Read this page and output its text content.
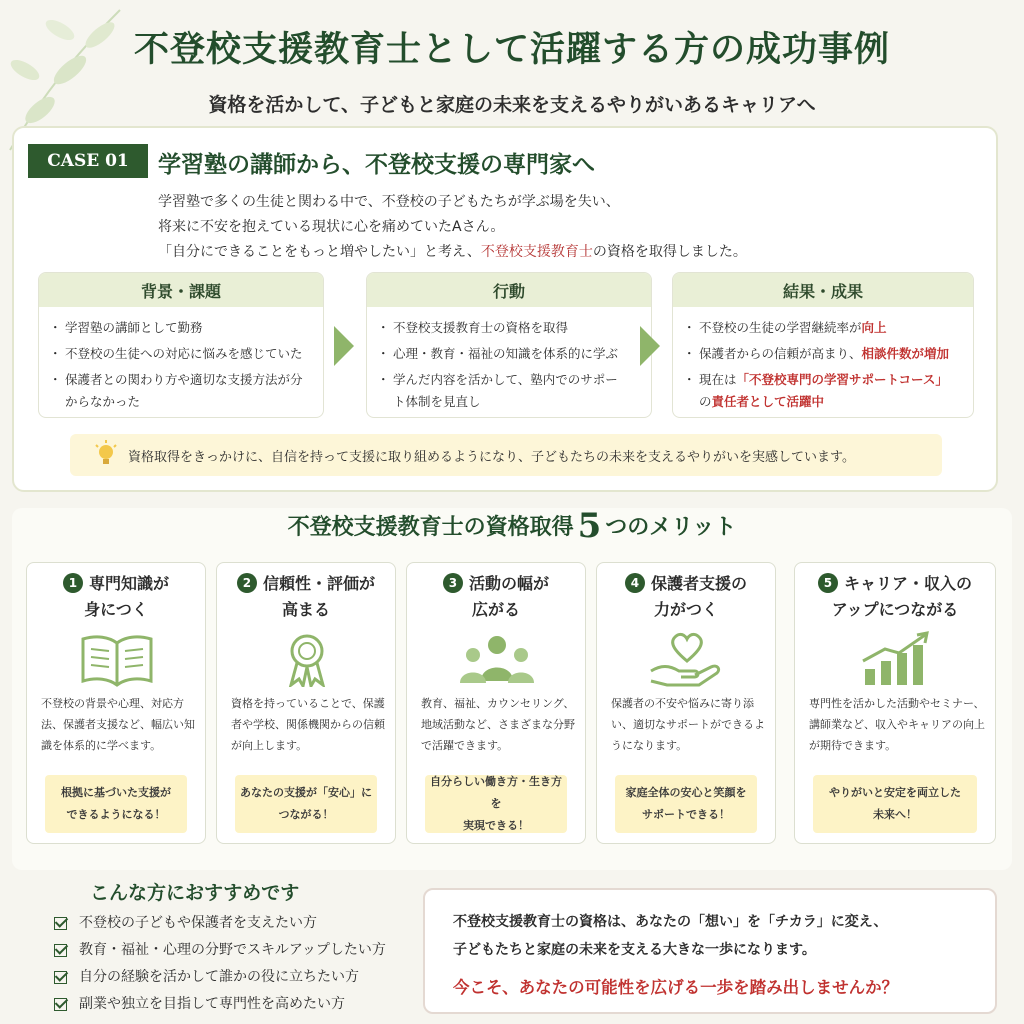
不登校支援教育士として活躍する方の成功事例
資格を活かして、子どもと家庭の未来を支えるやりがいあるキャリアへ
CASE 01	学習塾の講師から、不登校支援の専門家へ
学習塾で多くの生徒と関わる中で、不登校の子どもたちが学ぶ場を失い、
将来に不安を抱えている現状に心を痛めていたAさん。
「自分にできることをもっと増やしたい」と考え、不登校支援教育士の資格を取得しました。
背景・課題
・ 学習塾の講師として勤務
・ 不登校の生徒への対応に悩みを感じていた
・ 保護者との関わり方や適切な支援方法が分からなかった
行動
・ 不登校支援教育士の資格を取得
・ 心理・教育・福祉の知識を体系的に学ぶ
・ 学んだ内容を活かして、塾内でのサポート体制を見直し
結果・成果
・ 不登校の生徒の学習継続率が向上
・ 保護者からの信頼が高まり、相談件数が増加
・ 現在は「不登校専門の学習サポートコース」の責任者として活躍中
資格取得をきっかけに、自信を持って支援に取り組めるようになり、子どもたちの未来を支えるやりがいを実感しています。
不登校支援教育士の資格取得 5 つのメリット
1 専門知識が
身につく
不登校の背景や心理、対応方法、保護者支援など、幅広い知識を体系的に学べます。
根拠に基づいた支援が
できるようになる！
2 信頼性・評価が
高まる
資格を持っていることで、保護者や学校、関係機関からの信頼が向上します。
あなたの支援が「安心」に
つながる！
3 活動の幅が
広がる
教育、福祉、カウンセリング、地域活動など、さまざまな分野で活躍できます。
自分らしい働き方・生き方を
実現できる！
4 保護者支援の
力がつく
保護者の不安や悩みに寄り添い、適切なサポートができるようになります。
家庭全体の安心と笑顔を
サポートできる！
5 キャリア・収入の
アップにつながる
専門性を活かした活動やセミナー、講師業など、収入やキャリアの向上が期待できます。
やりがいと安定を両立した
未来へ！
こんな方におすすめです
不登校の子どもや保護者を支えたい方
教育・福祉・心理の分野でスキルアップしたい方
自分の経験を活かして誰かの役に立ちたい方
副業や独立を目指して専門性を高めたい方
不登校支援教育士の資格は、あなたの「想い」を「チカラ」に変え、
子どもたちと家庭の未来を支える大きな一歩になります。
今こそ、あなたの可能性を広げる一歩を踏み出しませんか？
